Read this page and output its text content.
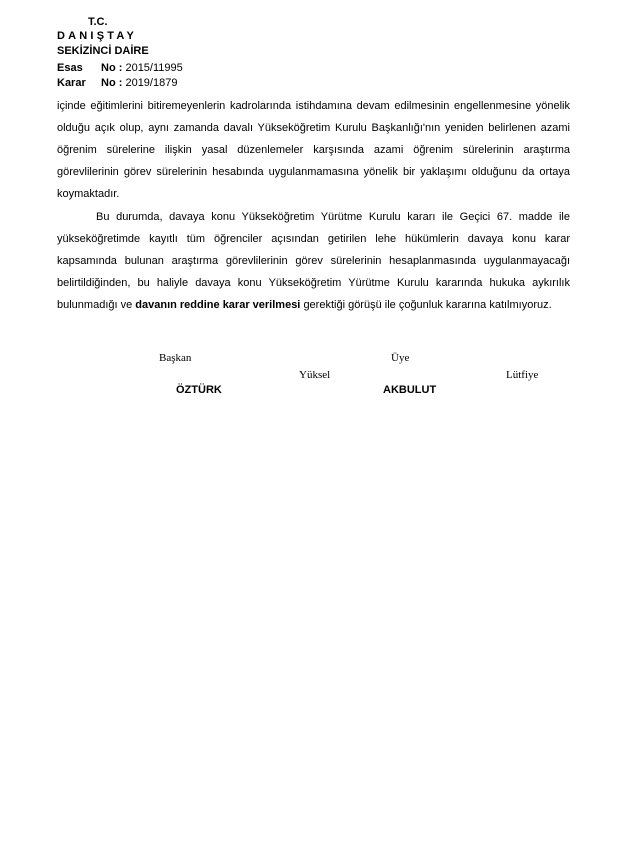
T.C.
DANIŞTAY
SEKİZİNCİ DAİRE
Esas No : 2015/11995
Karar No : 2019/1879

içinde eğitimlerini bitiremeyenlerin kadrolarında istihdamına devam edilmesinin engellenmesine yönelik olduğu açık olup, aynı zamanda davalı Yükseköğretim Kurulu Başkanlığı'nın yeniden belirlenen azami öğrenim sürelerine ilişkin yasal düzenlemeler karşısında azami öğrenim sürelerinin araştırma görevlilerinin görev sürelerinin hesabında uygulanmamasına yönelik bir yaklaşımı olduğunu da ortaya koymaktadır.

Bu durumda, davaya konu Yükseköğretim Yürütme Kurulu kararı ile Geçici 67. madde ile yükseköğretimde kayıtlı tüm öğrenciler açısından getirilen lehe hükümlerin davaya konu karar kapsamında bulunan araştırma görevlilerinin görev sürelerinin hesaplanmasında uygulanmayacağı belirtildiğinden, bu haliyle davaya konu Yükseköğretim Yürütme Kurulu kararında hukuka aykırılık bulunmadığı ve davanın reddine karar verilmesi gerektiği görüşü ile çoğunluk kararına katılmıyoruz.

Başkan
Yüksel
ÖZTÜRK
Üye
Lütfiye
AKBULUT
